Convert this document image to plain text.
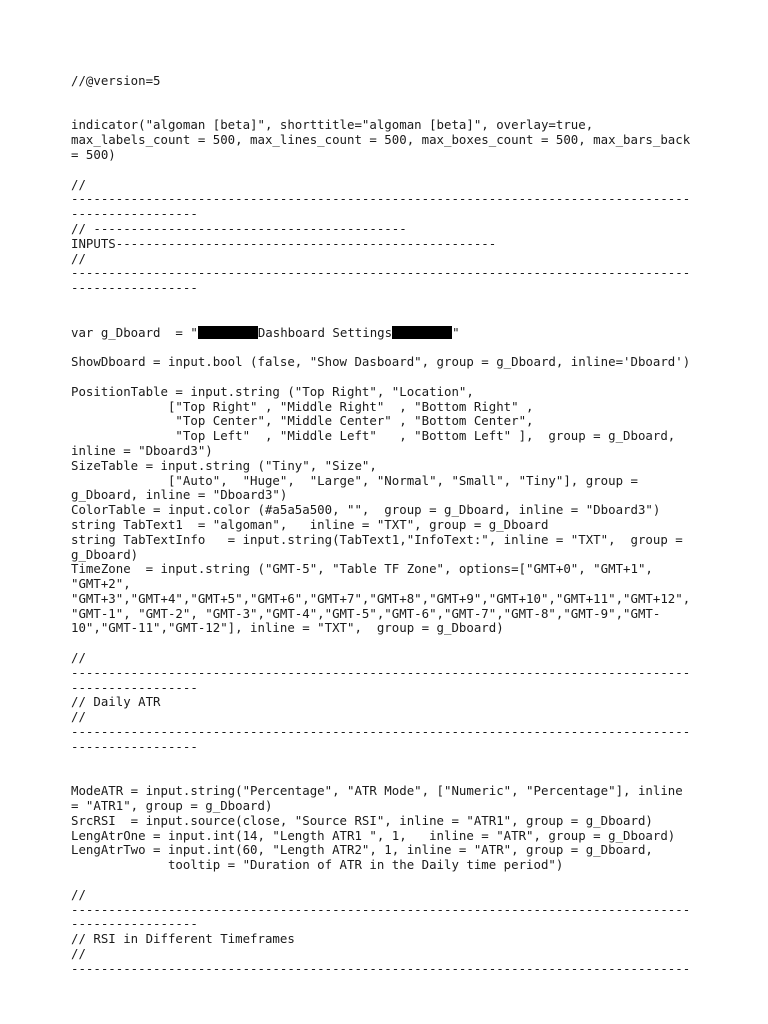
//@version=5
indicator("algoman [beta]", shorttitle="algoman [beta]", overlay=true,
max_labels_count = 500, max_lines_count = 500, max_boxes_count = 500, max_bars_back
= 500)
//
-----------------------------------------------------------------------------------
-----------------
// ------------------------------------------
INPUTS---------------------------------------------------
//
-----------------------------------------------------------------------------------
-----------------
var g_Dboard  = "	Dashboard Settings	"
ShowDboard = input.bool (false, "Show Dasboard", group = g_Dboard, inline='Dboard')
PositionTable = input.string ("Top Right", "Location",
["Top Right" , "Middle Right"  , "Bottom Right" ,
"Top Center", "Middle Center" , "Bottom Center",
"Top Left"  , "Middle Left"   , "Bottom Left" ],  group = g_Dboard,
inline = "Dboard3")
SizeTable = input.string ("Tiny", "Size",
["Auto",  "Huge",  "Large", "Normal", "Small", "Tiny"], group =
g_Dboard, inline = "Dboard3")
ColorTable = input.color (#a5a5a500, "",  group = g_Dboard, inline = "Dboard3")
string TabText1  = "algoman",   inline = "TXT", group = g_Dboard
string TabTextInfo   = input.string(TabText1,"InfoText:", inline = "TXT",  group =
g_Dboard)
TimeZone  = input.string ("GMT-5", "Table TF Zone", options=["GMT+0", "GMT+1",
"GMT+2",
"GMT+3","GMT+4","GMT+5","GMT+6","GMT+7","GMT+8","GMT+9","GMT+10","GMT+11","GMT+12",
"GMT-1", "GMT-2", "GMT-3","GMT-4","GMT-5","GMT-6","GMT-7","GMT-8","GMT-9","GMT-
10","GMT-11","GMT-12"], inline = "TXT",  group = g_Dboard)
//
-----------------------------------------------------------------------------------
-----------------
// Daily ATR
//
-----------------------------------------------------------------------------------
-----------------
ModeATR = input.string("Percentage", "ATR Mode", ["Numeric", "Percentage"], inline
= "ATR1", group = g_Dboard)
SrcRSI  = input.source(close, "Source RSI", inline = "ATR1", group = g_Dboard)
LengAtrOne = input.int(14, "Length ATR1 ", 1,   inline = "ATR", group = g_Dboard)
LengAtrTwo = input.int(60, "Length ATR2", 1, inline = "ATR", group = g_Dboard,
tooltip = "Duration of ATR in the Daily time period")
//
-----------------------------------------------------------------------------------
-----------------
// RSI in Different Timeframes
//
-----------------------------------------------------------------------------------
